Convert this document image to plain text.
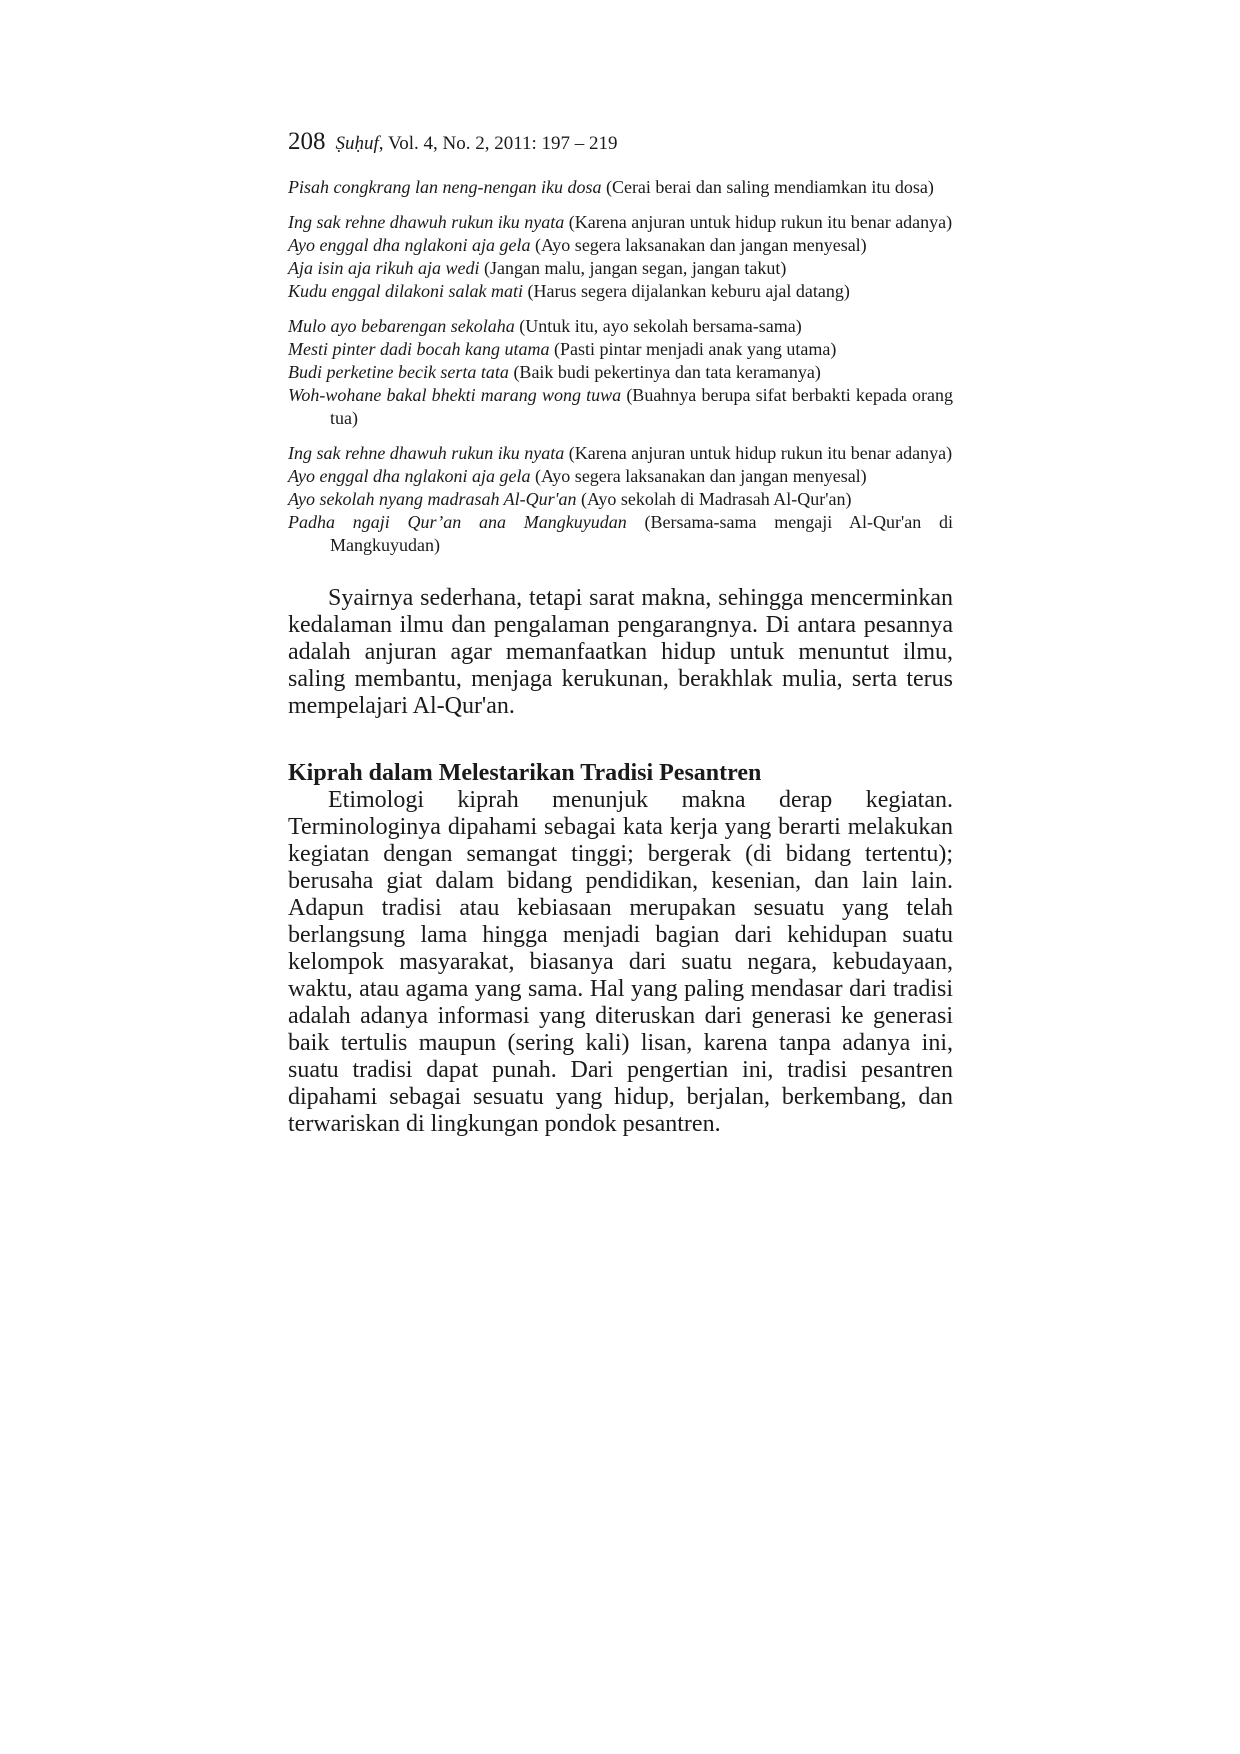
208 Ṣuḥuf, Vol. 4, No. 2, 2011: 197 – 219
Pisah congkrang lan neng-nengan iku dosa (Cerai berai dan saling mendiamkan itu dosa)
Ing sak rehne dhawuh rukun iku nyata (Karena anjuran untuk hidup rukun itu benar adanya)
Ayo enggal dha nglakoni aja gela (Ayo segera laksanakan dan jangan menyesal)
Aja isin aja rikuh aja wedi (Jangan malu, jangan segan, jangan takut)
Kudu enggal dilakoni salak mati (Harus segera dijalankan keburu ajal datang)
Mulo ayo bebarengan sekolaha (Untuk itu, ayo sekolah bersama-sama)
Mesti pinter dadi bocah kang utama (Pasti pintar menjadi anak yang utama)
Budi perketine becik serta tata (Baik budi pekertinya dan tata keramanya)
Woh-wohane bakal bhekti marang wong tuwa (Buahnya berupa sifat berbakti kepada orang tua)
Ing sak rehne dhawuh rukun iku nyata (Karena anjuran untuk hidup rukun itu benar adanya)
Ayo enggal dha nglakoni aja gela (Ayo segera laksanakan dan jangan menyesal)
Ayo sekolah nyang madrasah Al-Qur'an (Ayo sekolah di Madrasah Al-Qur'an)
Padha ngaji Qur’an ana Mangkuyudan (Bersama-sama mengaji Al-Qur'an di Mangkuyudan)

Syairnya sederhana, tetapi sarat makna, sehingga mencerminkan kedalaman ilmu dan pengalaman pengarangnya. Di antara pesannya adalah anjuran agar memanfaatkan hidup untuk menuntut ilmu, saling membantu, menjaga kerukunan, berakhlak mulia, serta terus mempelajari Al-Qur'an.

Kiprah dalam Melestarikan Tradisi Pesantren

Etimologi kiprah menunjuk makna derap kegiatan. Terminologinya dipahami sebagai kata kerja yang berarti melakukan kegiatan dengan semangat tinggi; bergerak (di bidang tertentu); berusaha giat dalam bidang pendidikan, kesenian, dan lain lain. Adapun tradisi atau kebiasaan merupakan sesuatu yang telah berlangsung lama hingga menjadi bagian dari kehidupan suatu kelompok masyarakat, biasanya dari suatu negara, kebudayaan, waktu, atau agama yang sama. Hal yang paling mendasar dari tradisi adalah adanya informasi yang diteruskan dari generasi ke generasi baik tertulis maupun (sering kali) lisan, karena tanpa adanya ini, suatu tradisi dapat punah. Dari pengertian ini, tradisi pesantren dipahami sebagai sesuatu yang hidup, berjalan, berkembang, dan terwariskan di lingkungan pondok pesantren.
